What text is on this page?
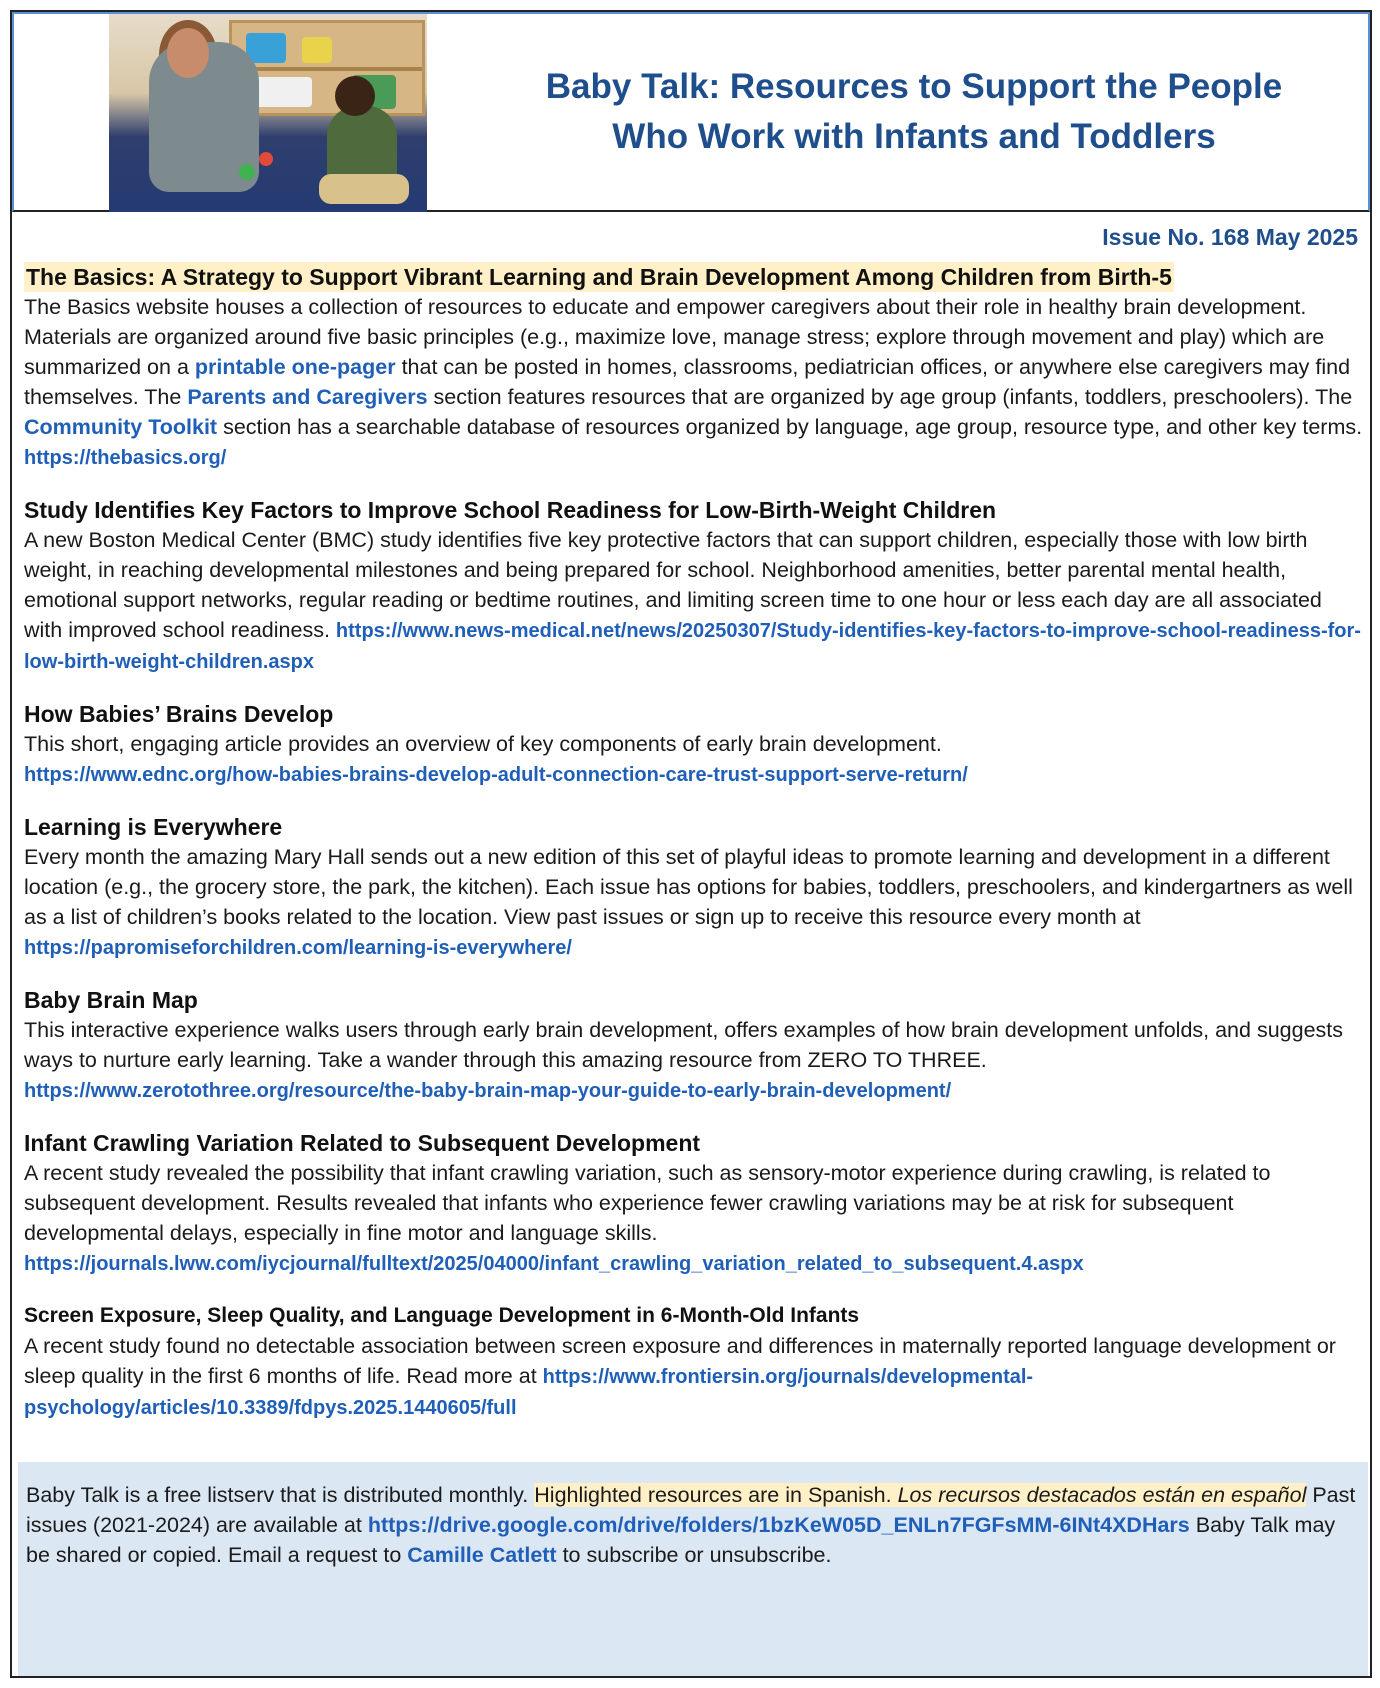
Baby Talk: Resources to Support the People
Who Work with Infants and Toddlers
Issue No. 168 May 2025
The Basics: A Strategy to Support Vibrant Learning and Brain Development Among Children from Birth-5

The Basics website houses a collection of resources to educate and empower caregivers about their role in healthy brain development. Materials are organized around five basic principles (e.g., maximize love, manage stress; explore through movement and play) which are summarized on a printable one-pager that can be posted in homes, classrooms, pediatrician offices, or anywhere else caregivers may find themselves. The Parents and Caregivers section features resources that are organized by age group (infants, toddlers, preschoolers). The Community Toolkit section has a searchable database of resources organized by language, age group, resource type, and other key terms. https://thebasics.org/

Study Identifies Key Factors to Improve School Readiness for Low-Birth-Weight Children

A new Boston Medical Center (BMC) study identifies five key protective factors that can support children, especially those with low birth weight, in reaching developmental milestones and being prepared for school. Neighborhood amenities, better parental mental health, emotional support networks, regular reading or bedtime routines, and limiting screen time to one hour or less each day are all associated with improved school readiness. https://www.news-medical.net/news/20250307/Study-identifies-key-factors-to-improve-school-readiness-for-low-birth-weight-children.aspx

How Babies’ Brains Develop

This short, engaging article provides an overview of key components of early brain development.
https://www.ednc.org/how-babies-brains-develop-adult-connection-care-trust-support-serve-return/

Learning is Everywhere

Every month the amazing Mary Hall sends out a new edition of this set of playful ideas to promote learning and development in a different location (e.g., the grocery store, the park, the kitchen). Each issue has options for babies, toddlers, preschoolers, and kindergartners as well as a list of children’s books related to the location. View past issues or sign up to receive this resource every month at https://papromiseforchildren.com/learning-is-everywhere/

Baby Brain Map

This interactive experience walks users through early brain development, offers examples of how brain development unfolds, and suggests ways to nurture early learning. Take a wander through this amazing resource from ZERO TO THREE.
https://www.zerotothree.org/resource/the-baby-brain-map-your-guide-to-early-brain-development/

Infant Crawling Variation Related to Subsequent Development

A recent study revealed the possibility that infant crawling variation, such as sensory-motor experience during crawling, is related to subsequent development. Results revealed that infants who experience fewer crawling variations may be at risk for subsequent developmental delays, especially in fine motor and language skills.
https://journals.lww.com/iycjournal/fulltext/2025/04000/infant_crawling_variation_related_to_subsequent.4.aspx

Screen Exposure, Sleep Quality, and Language Development in 6-Month-Old Infants

A recent study found no detectable association between screen exposure and differences in maternally reported language development or sleep quality in the first 6 months of life. Read more at https://www.frontiersin.org/journals/developmental-psychology/articles/10.3389/fdpys.2025.1440605/full

Baby Talk is a free listserv that is distributed monthly. Highlighted resources are in Spanish. Los recursos destacados están en español Past issues (2021-2024) are available at https://drive.google.com/drive/folders/1bzKeW05D_ENLn7FGFsMM-6INt4XDHars Baby Talk may be shared or copied. Email a request to Camille Catlett to subscribe or unsubscribe.
